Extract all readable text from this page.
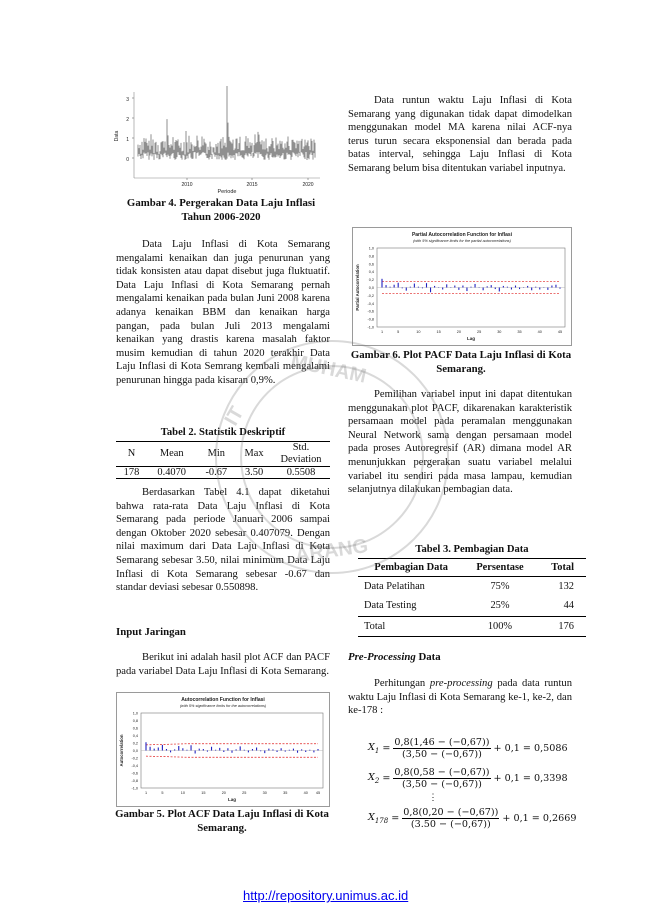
3
2
1
0
2010	2015	2020
Periode
Data
Gambar 4. Pergerakan Data Laju Inflasi Tahun 2006-2020

Data Laju Inflasi di Kota Semarang mengalami kenaikan dan juga penurunan yang tidak konsisten atau dapat disebut juga fluktuatif. Data Laju Inflasi di Kota Semarang pernah mengalami kenaikan pada bulan Juni 2008 karena adanya kenaikan BBM dan kenaikan harga pangan, pada bulan Juli 2013 mengalami kenaikan yang drastis karena masalah faktor musim kemudian di tahun 2020 terakhir Data Laju Inflasi di Kota Semrang kembali mengalami penurunan hingga pada kisaran 0,9%.

Tabel 2. Statistik Deskriptif
N	Mean	Min	Max	Std. Deviation
178	0.4070	-0.67	3.50	0.5508

Berdasarkan Tabel 4.1 dapat diketahui bahwa rata-rata Data Laju Inflasi di Kota Semarang pada periode Januari 2006 sampai dengan Oktober 2020 sebesar 0.407079. Dengan nilai maximum dari Data Laju Inflasi di Kota Semarang sebesar 3.50, nilai minimum Data Laju Inflasi di Kota Semarang sebesar -0.67 dan standar deviasi sebesar 0.550898.

Input Jaringan

Berikut ini adalah hasil plot ACF dan PACF pada variabel Data Laju Inflasi di Kota Semarang.

Autocorrelation Function for Inflasi
(with 5% significance limits for the autocorrelations)
1,0
0,8
0,6
0,4
0,2
0,0
-0,2
-0,4
-0,6
-0,8
-1,0
1	5	10	15	20	25	30	35	40 45
Lag
Autocorrelation
Gambar 5. Plot ACF Data Laju Inflasi di Kota Semarang.

Data runtun waktu Laju Inflasi di Kota Semarang yang digunakan tidak dapat dimodelkan menggunakan model MA karena nilai ACF-nya terus turun secara eksponensial dan berada pada batas interval, sehingga Laju Inflasi di Kota Semarang belum bisa ditentukan variabel inputnya.

Partial Autocorrelation Function for Inflasi
(with 5% significance limits for the partial autocorrelations)
1,0
0,8
0,6
0,4
0,2
0,0
-0,2
-0,4
-0,6
-0,8
-1,0
1	5	10	15	20	25	30	35	40	45
Lag
Partial Autocorrelation
Gambar 6. Plot PACF Data Laju Inflasi di Kota Semarang.

Pemilihan variabel input ini dapat ditentukan menggunakan plot PACF, dikarenakan karakteristik persamaan model pada peramalan menggunakan Neural Network sama dengan persamaan model pada proses Autoregresif (AR) dimana model AR menunjukkan pergerakan suatu variabel melalui variabel itu sendiri pada masa lampau, kemudian selanjutnya dilakukan pembagian data.

Tabel 3. Pembagian Data
Pembagian Data	Persentase	Total
Data Pelatihan	75%	132
Data Testing	25%	44
Total	100%	176
Pre-Processing Data

Perhitungan pre-processing pada data runtun waktu Laju Inflasi di Kota Semarang ke-1, ke-2, dan ke-178 :

$X_1 = \frac{0,8(1,46 - (-0,67))}{(3,50 - (-0,67))} + 0,1 = 0,5086$
$X_2 = \frac{0,8(0,58 - (-0,67))}{(3,50 - (-0,67))} + 0,1 = 0,3398$
⋮
$X_{178} = \frac{0,8(0,20 - (-0,67))}{(3.50 - (-0,67))} + 0,1 = 0,2669$
MUHAM
IT
ARANG
http://repository.unimus.ac.id
